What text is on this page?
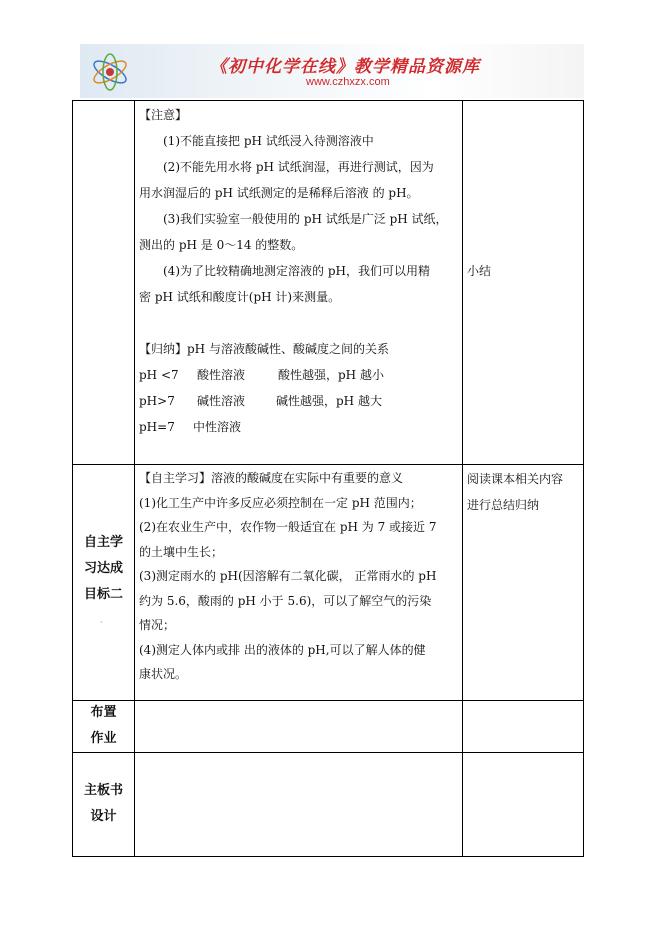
《初中化学在线》教学精品资源库
www.czhxzx.com
【注意】
(1)不能直接把 pH 试纸浸入待测溶液中
(2)不能先用水将 pH 试纸润湿，再进行测试，因为
用水润湿后的 pH 试纸测定的是稀释后溶液 的 pH。
(3)我们实验室一般使用的 pH 试纸是广泛 pH 试纸，
测出的 pH 是 0～14 的整数。
(4)为了比较精确地测定溶液的 pH，我们可以用精
密 pH 试纸和酸度计(pH 计)来测量。
【归纳】pH 与溶液酸碱性、酸碱度之间的关系
pH <7 酸性溶液	酸性越强，pH 越小
pH>7 碱性溶液	碱性越强，pH 越大
pH=7 中性溶液
小结
自主学
习达成
目标二
·
【自主学习】溶液的酸碱度在实际中有重要的意义
(1)化工生产中许多反应必须控制在一定 pH 范围内；
(2)在农业生产中，农作物一般适宜在 pH 为 7 或接近 7
的土壤中生长；
(3)测定雨水的 pH(因溶解有二氧化碳， 正常雨水的 pH
约为 5.6，酸雨的 pH 小于 5.6)，可以了解空气的污染
情况；
(4)测定人体内或排 出的液体的 pH,可以了解人体的健
康状况。
阅读课本相关内容
进行总结归纳
布置
作业
主板书
设计
